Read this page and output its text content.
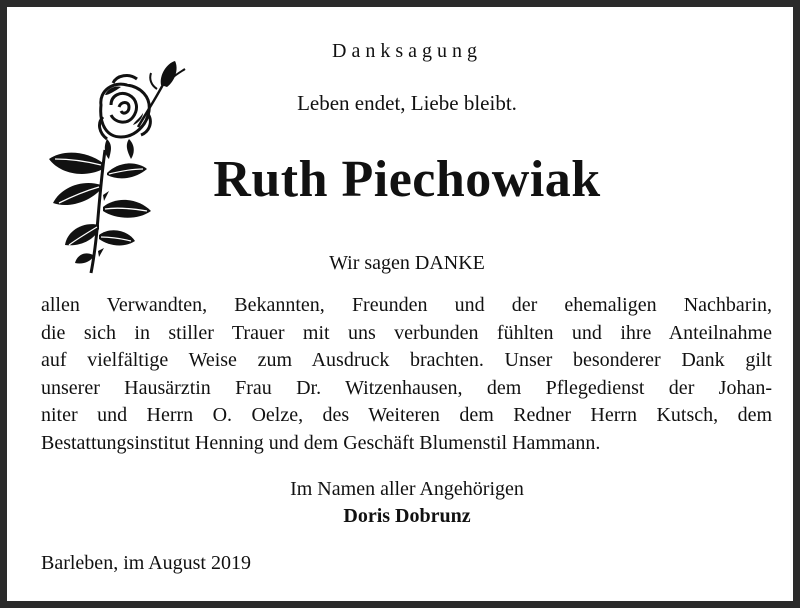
Danksagung
Leben endet, Liebe bleibt.
Ruth Piechowiak
Wir sagen DANKE
allen Verwandten, Bekannten, Freunden und der ehemaligen Nachbarin,
die sich in stiller Trauer mit uns verbunden fühlten und ihre Anteilnahme
auf vielfältige Weise zum Ausdruck brachten. Unser besonderer Dank gilt
unserer Hausärztin Frau Dr. Witzenhausen, dem Pflegedienst der Johan-
niter und Herrn O. Oelze, des Weiteren dem Redner Herrn Kutsch, dem
Bestattungsinstitut Henning und dem Geschäft Blumenstil Hammann.
Im Namen aller Angehörigen
Doris Dobrunz
Barleben, im August 2019
